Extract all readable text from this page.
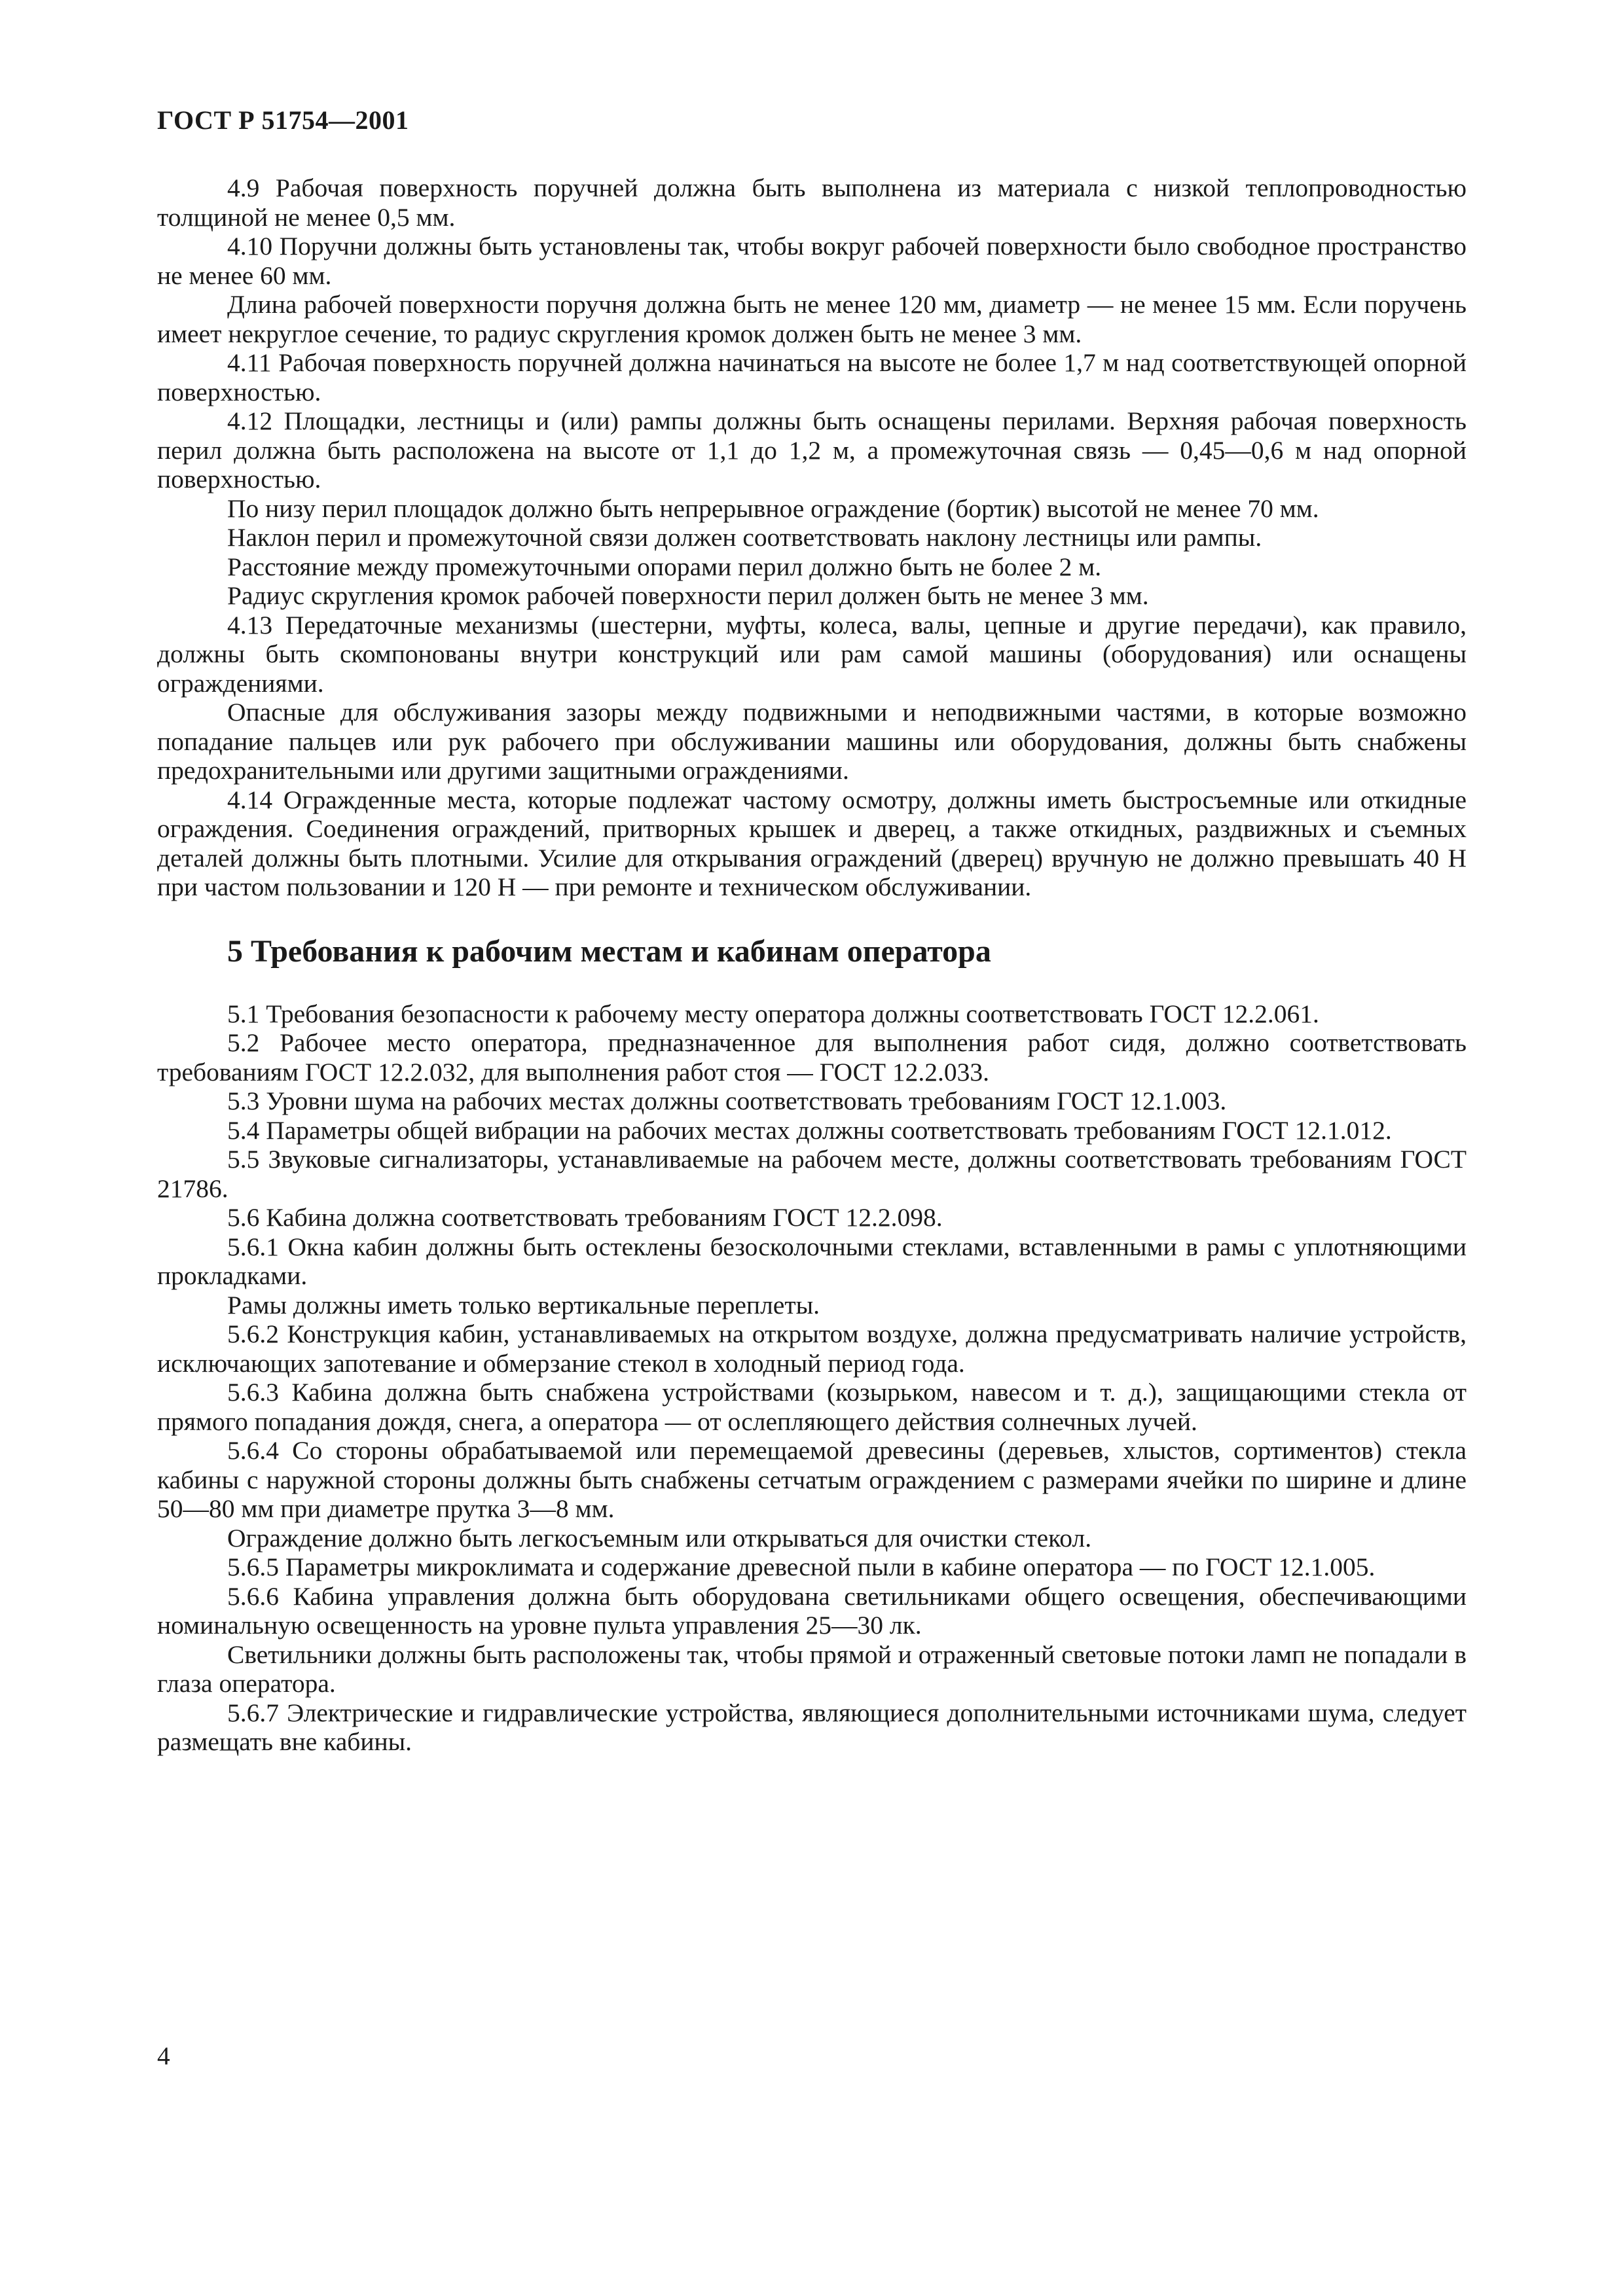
ГОСТ Р 51754—2001

4.9 Рабочая поверхность поручней должна быть выполнена из материала с низкой теплопроводностью толщиной не менее 0,5 мм.

4.10 Поручни должны быть установлены так, чтобы вокруг рабочей поверхности было свободное пространство не менее 60 мм.

Длина рабочей поверхности поручня должна быть не менее 120 мм, диаметр — не менее 15 мм. Если поручень имеет некруглое сечение, то радиус скругления кромок должен быть не менее 3 мм.

4.11 Рабочая поверхность поручней должна начинаться на высоте не более 1,7 м над соответствующей опорной поверхностью.

4.12 Площадки, лестницы и (или) рампы должны быть оснащены перилами. Верхняя рабочая поверхность перил должна быть расположена на высоте от 1,1 до 1,2 м, а промежуточная связь — 0,45—0,6 м над опорной поверхностью.

По низу перил площадок должно быть непрерывное ограждение (бортик) высотой не менее 70 мм.

Наклон перил и промежуточной связи должен соответствовать наклону лестницы или рампы.

Расстояние между промежуточными опорами перил должно быть не более 2 м.

Радиус скругления кромок рабочей поверхности перил должен быть не менее 3 мм.

4.13 Передаточные механизмы (шестерни, муфты, колеса, валы, цепные и другие передачи), как правило, должны быть скомпонованы внутри конструкций или рам самой машины (оборудования) или оснащены ограждениями.

Опасные для обслуживания зазоры между подвижными и неподвижными частями, в которые возможно попадание пальцев или рук рабочего при обслуживании машины или оборудования, должны быть снабжены предохранительными или другими защитными ограждениями.

4.14 Огражденные места, которые подлежат частому осмотру, должны иметь быстросъемные или откидные ограждения. Соединения ограждений, притворных крышек и дверец, а также откидных, раздвижных и съемных деталей должны быть плотными. Усилие для открывания ограждений (дверец) вручную не должно превышать 40 Н при частом пользовании и 120 Н — при ремонте и техническом обслуживании.

5 Требования к рабочим местам и кабинам оператора

5.1 Требования безопасности к рабочему месту оператора должны соответствовать ГОСТ 12.2.061.

5.2 Рабочее место оператора, предназначенное для выполнения работ сидя, должно соответствовать требованиям ГОСТ 12.2.032, для выполнения работ стоя — ГОСТ 12.2.033.

5.3 Уровни шума на рабочих местах должны соответствовать требованиям ГОСТ 12.1.003.

5.4 Параметры общей вибрации на рабочих местах должны соответствовать требованиям ГОСТ 12.1.012.

5.5 Звуковые сигнализаторы, устанавливаемые на рабочем месте, должны соответствовать требованиям ГОСТ 21786.

5.6 Кабина должна соответствовать требованиям ГОСТ 12.2.098.

5.6.1 Окна кабин должны быть остеклены безосколочными стеклами, вставленными в рамы с уплотняющими прокладками.

Рамы должны иметь только вертикальные переплеты.

5.6.2 Конструкция кабин, устанавливаемых на открытом воздухе, должна предусматривать наличие устройств, исключающих запотевание и обмерзание стекол в холодный период года.

5.6.3 Кабина должна быть снабжена устройствами (козырьком, навесом и т. д.), защищающими стекла от прямого попадания дождя, снега, а оператора — от ослепляющего действия солнечных лучей.

5.6.4 Со стороны обрабатываемой или перемещаемой древесины (деревьев, хлыстов, сортиментов) стекла кабины с наружной стороны должны быть снабжены сетчатым ограждением с размерами ячейки по ширине и длине 50—80 мм при диаметре прутка 3—8 мм.

Ограждение должно быть легкосъемным или открываться для очистки стекол.

5.6.5 Параметры микроклимата и содержание древесной пыли в кабине оператора — по ГОСТ 12.1.005.

5.6.6 Кабина управления должна быть оборудована светильниками общего освещения, обеспечивающими номинальную освещенность на уровне пульта управления 25—30 лк.

Светильники должны быть расположены так, чтобы прямой и отраженный световые потоки ламп не попадали в глаза оператора.

5.6.7 Электрические и гидравлические устройства, являющиеся дополнительными источниками шума, следует размещать вне кабины.

4
